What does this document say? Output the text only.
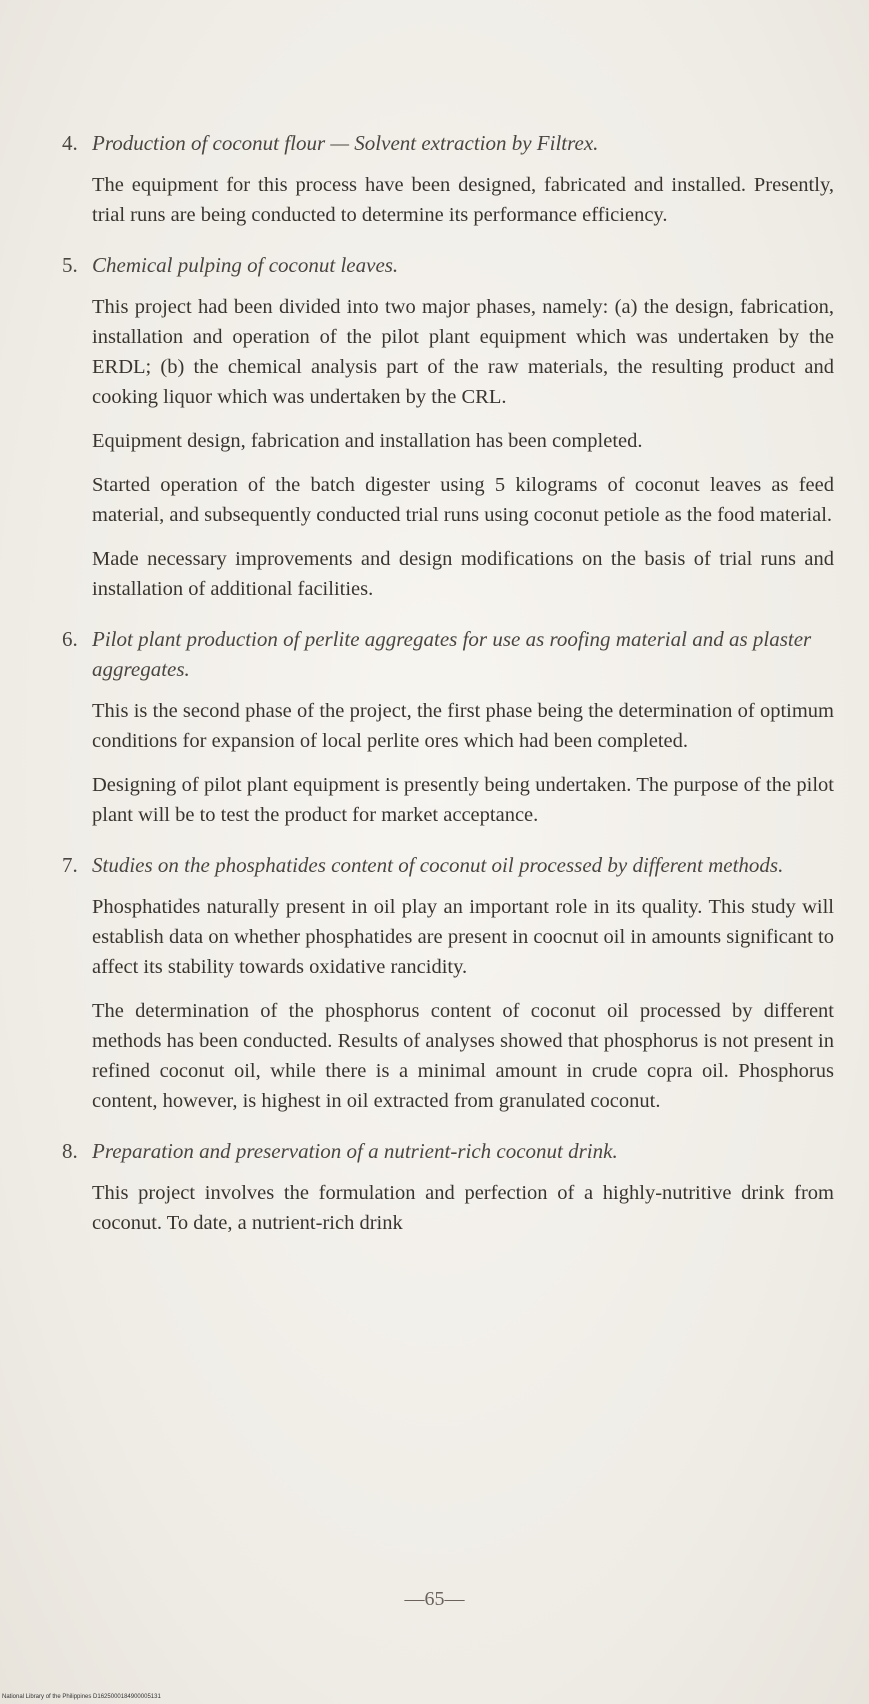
4. Production of coconut flour — Solvent extraction by Filtrex.

The equipment for this process have been designed, fabricated and installed. Presently, trial runs are being conducted to determine its performance efficiency.

5. Chemical pulping of coconut leaves.

This project had been divided into two major phases, namely: (a) the design, fabrication, installation and operation of the pilot plant equipment which was undertaken by the ERDL; (b) the chemical analysis part of the raw materials, the resulting product and cooking liquor which was undertaken by the CRL.

Equipment design, fabrication and installation has been completed.

Started operation of the batch digester using 5 kilograms of coconut leaves as feed material, and subsequently conducted trial runs using coconut petiole as the food material.

Made necessary improvements and design modifications on the basis of trial runs and installation of additional facilities.

6. Pilot plant production of perlite aggregates for use as roofing material and as plaster aggregates.

This is the second phase of the project, the first phase being the determination of optimum conditions for expansion of local perlite ores which had been completed.

Designing of pilot plant equipment is presently being undertaken. The purpose of the pilot plant will be to test the product for market acceptance.

7. Studies on the phosphatides content of coconut oil processed by different methods.

Phosphatides naturally present in oil play an important role in its quality. This study will establish data on whether phosphatides are present in coocnut oil in amounts significant to affect its stability towards oxidative rancidity.

The determination of the phosphorus content of coconut oil processed by different methods has been conducted. Results of analyses showed that phosphorus is not present in refined coconut oil, while there is a minimal amount in crude copra oil. Phosphorus content, however, is highest in oil extracted from granulated coconut.

8. Preparation and preservation of a nutrient-rich coconut drink.

This project involves the formulation and perfection of a highly-nutritive drink from coconut. To date, a nutrient-rich drink

—65—
National Library of the Philippines D1625000184900005131
